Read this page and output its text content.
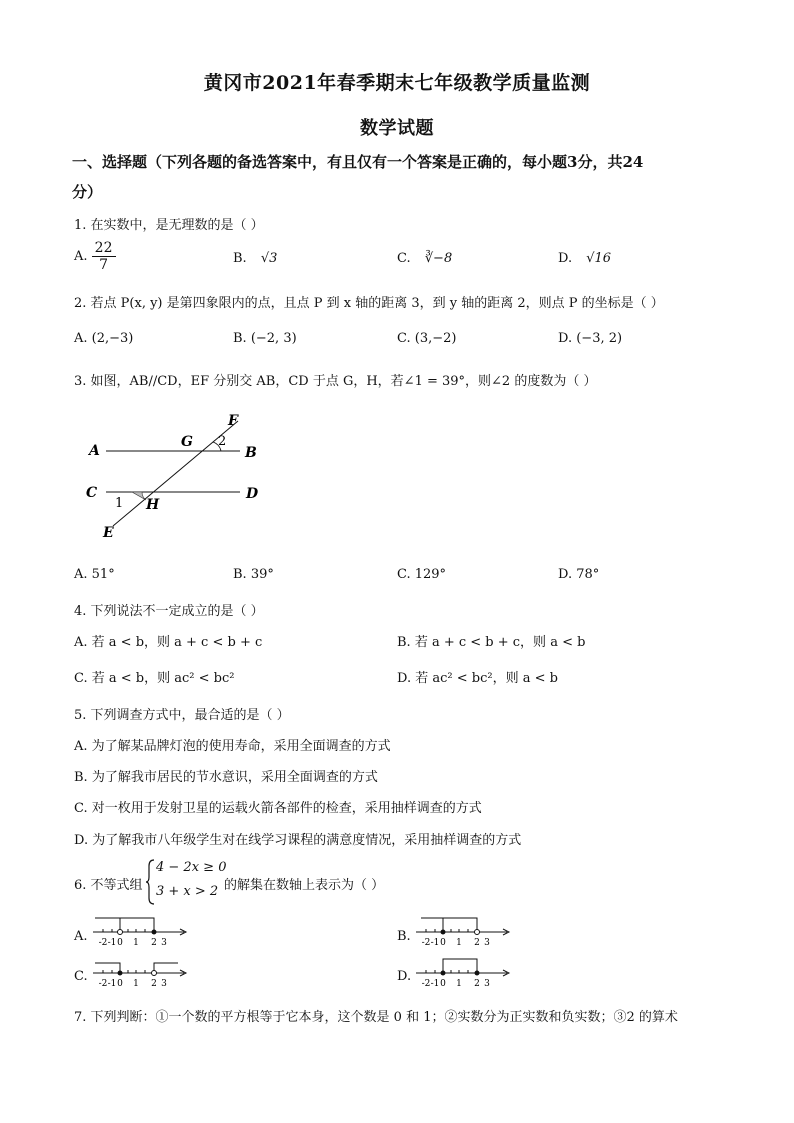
黄冈市2021年春季期末七年级教学质量监测
数学试题
一、选择题（下列各题的备选答案中，有且仅有一个答案是正确的，每小题3分，共24
分）
1. 在实数中，是无理数的是（ ）
A. $\frac{22}{7}$	B. √3	C. ∛−8	D. √16
2. 若点 P(x, y) 是第四象限内的点，且点 P 到 x 轴的距离 3，到 y 轴的距离 2，则点 P 的坐标是（ ）
A. (2,−3)	B. (−2, 3)	C. (3,−2)	D. (−3, 2)
3. 如图，AB//CD，EF 分别交 AB，CD 于点 G，H，若∠1 = 39°，则∠2 的度数为（ ）
A	B
C	D
E
F
G
H
1
2
A. 51°	B. 39°	C. 129°	D. 78°
4. 下列说法不一定成立的是（ ）
A. 若 a < b，则 a + c < b + c	B. 若 a + c < b + c，则 a < b
C. 若 a < b，则 ac² < bc²	D. 若 ac² < bc²，则 a < b
5. 下列调查方式中，最合适的是（ ）
A. 为了解某品牌灯泡的使用寿命，采用全面调查的方式
B. 为了解我市居民的节水意识，采用全面调查的方式
C. 对一枚用于发射卫星的运载火箭各部件的检查，采用抽样调查的方式
D. 为了解我市八年级学生对在线学习课程的满意度情况，采用抽样调查的方式
6. 不等式组
4 − 2x ≥ 0
3 + x > 2 的解集在数轴上表示为（ ）
A. -2 -1 0 1 2 3	B. -2 -1 0 1 2 3
C. -2 -1 0 1 2 3	D. -2 -1 0 1 2 3
7. 下列判断：①一个数的平方根等于它本身，这个数是 0 和 1；②实数分为正实数和负实数；③2 的算术
